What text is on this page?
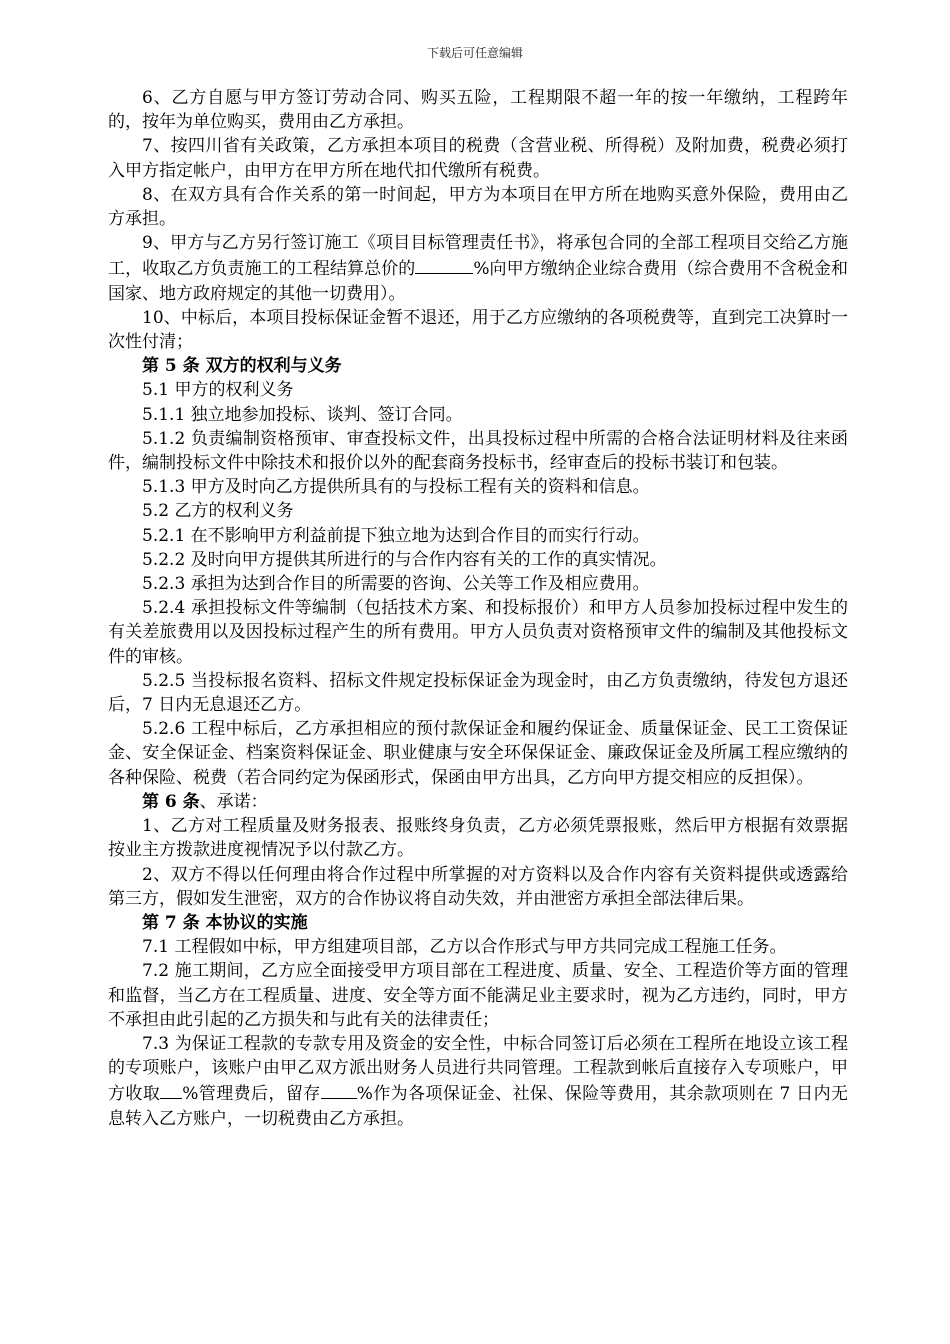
下载后可任意编辑

6、乙方自愿与甲方签订劳动合同、购买五险，工程期限不超一年的按一年缴纳，工程跨年的，按年为单位购买，费用由乙方承担。

7、按四川省有关政策，乙方承担本项目的税费（含营业税、所得税）及附加费，税费必须打入甲方指定帐户，由甲方在甲方所在地代扣代缴所有税费。

8、在双方具有合作关系的第一时间起，甲方为本项目在甲方所在地购买意外保险，费用由乙方承担。

9、甲方与乙方另行签订施工《项目目标管理责任书》，将承包合同的全部工程项目交给乙方施工，收取乙方负责施工的工程结算总价的	%向甲方缴纳企业综合费用（综合费用不含税金和国家、地方政府规定的其他一切费用）。

10、中标后，本项目投标保证金暂不退还，用于乙方应缴纳的各项税费等，直到完工决算时一次性付清；

第 5 条 双方的权利与义务

5.1 甲方的权利义务

5.1.1 独立地参加投标、谈判、签订合同。

5.1.2 负责编制资格预审、审查投标文件，出具投标过程中所需的合格合法证明材料及往来函件，编制投标文件中除技术和报价以外的配套商务投标书，经审查后的投标书装订和包装。

5.1.3 甲方及时向乙方提供所具有的与投标工程有关的资料和信息。

5.2 乙方的权利义务

5.2.1 在不影响甲方利益前提下独立地为达到合作目的而实行行动。

5.2.2 及时向甲方提供其所进行的与合作内容有关的工作的真实情况。

5.2.3 承担为达到合作目的所需要的咨询、公关等工作及相应费用。

5.2.4 承担投标文件等编制（包括技术方案、和投标报价）和甲方人员参加投标过程中发生的有关差旅费用以及因投标过程产生的所有费用。甲方人员负责对资格预审文件的编制及其他投标文件的审核。

5.2.5 当投标报名资料、招标文件规定投标保证金为现金时，由乙方负责缴纳，待发包方退还后，7 日内无息退还乙方。

5.2.6 工程中标后，乙方承担相应的预付款保证金和履约保证金、质量保证金、民工工资保证金、安全保证金、档案资料保证金、职业健康与安全环保保证金、廉政保证金及所属工程应缴纳的各种保险、税费（若合同约定为保函形式，保函由甲方出具，乙方向甲方提交相应的反担保）。

第 6 条、承诺：

1、乙方对工程质量及财务报表、报账终身负责，乙方必须凭票报账，然后甲方根据有效票据按业主方拨款进度视情况予以付款乙方。

2、双方不得以任何理由将合作过程中所掌握的对方资料以及合作内容有关资料提供或透露给第三方，假如发生泄密，双方的合作协议将自动失效，并由泄密方承担全部法律后果。

第 7 条 本协议的实施

7.1 工程假如中标，甲方组建项目部，乙方以合作形式与甲方共同完成工程施工任务。

7.2 施工期间，乙方应全面接受甲方项目部在工程进度、质量、安全、工程造价等方面的管理和监督，当乙方在工程质量、进度、安全等方面不能满足业主要求时，视为乙方违约，同时，甲方不承担由此引起的乙方损失和与此有关的法律责任；

7.3 为保证工程款的专款专用及资金的安全性，中标合同签订后必须在工程所在地设立该工程的专项账户，该账户由甲乙双方派出财务人员进行共同管理。工程款到帐后直接存入专项账户，甲方收取 %管理费后，留存 %作为各项保证金、社保、保险等费用，其余款项则在 7 日内无息转入乙方账户，一切税费由乙方承担。
